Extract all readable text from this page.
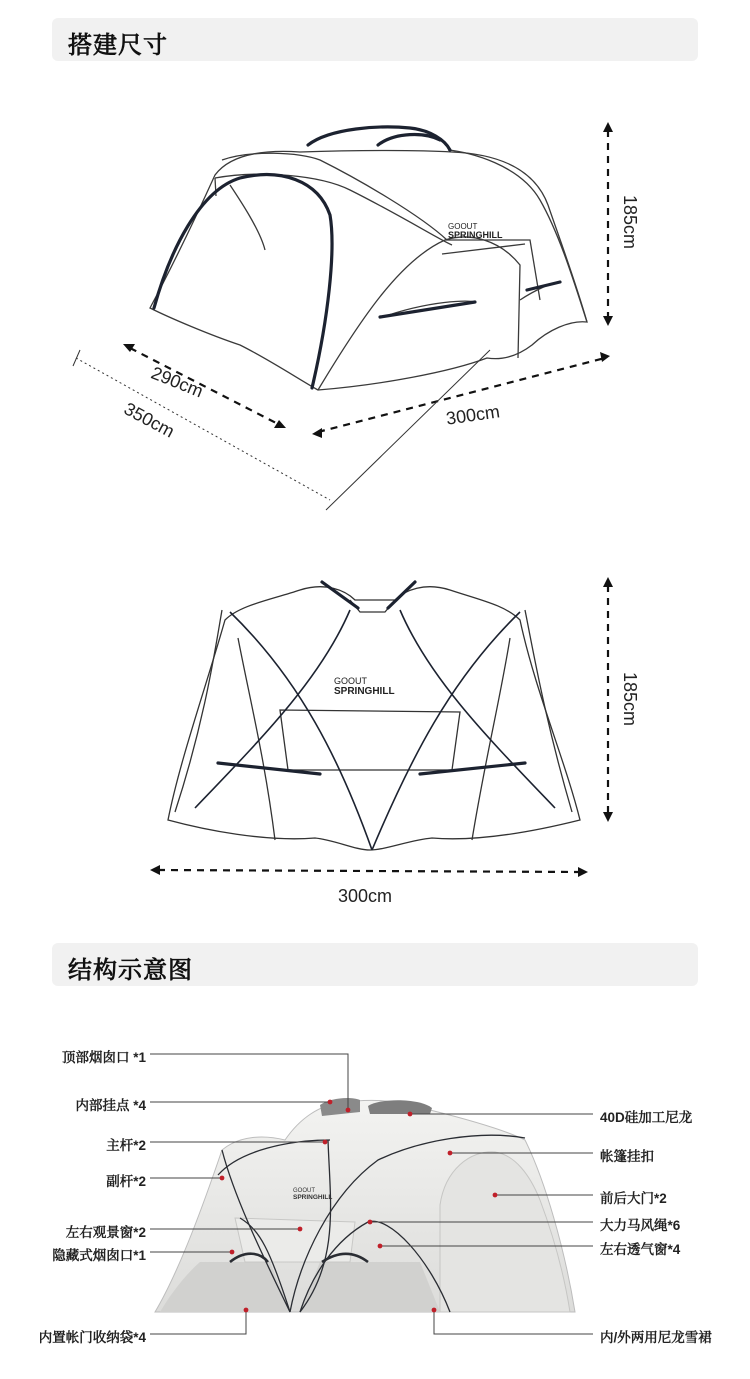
搭建尺寸
GOOUT
SPRINGHILL	185cm
290cm
350cm	300cm
GOOUT
SPRINGHILL	185cm
300cm
结构示意图
GOOUT
SPRINGHILL
顶部烟囱口 *1
内部挂点 *4
主杆*2
副杆*2
左右观景窗*2
隐藏式烟囱口*1
内置帐门收纳袋*4
40D硅加工尼龙
帐篷挂扣
前后大门*2
大力马风绳*6
左右透气窗*4
内/外两用尼龙雪裙
